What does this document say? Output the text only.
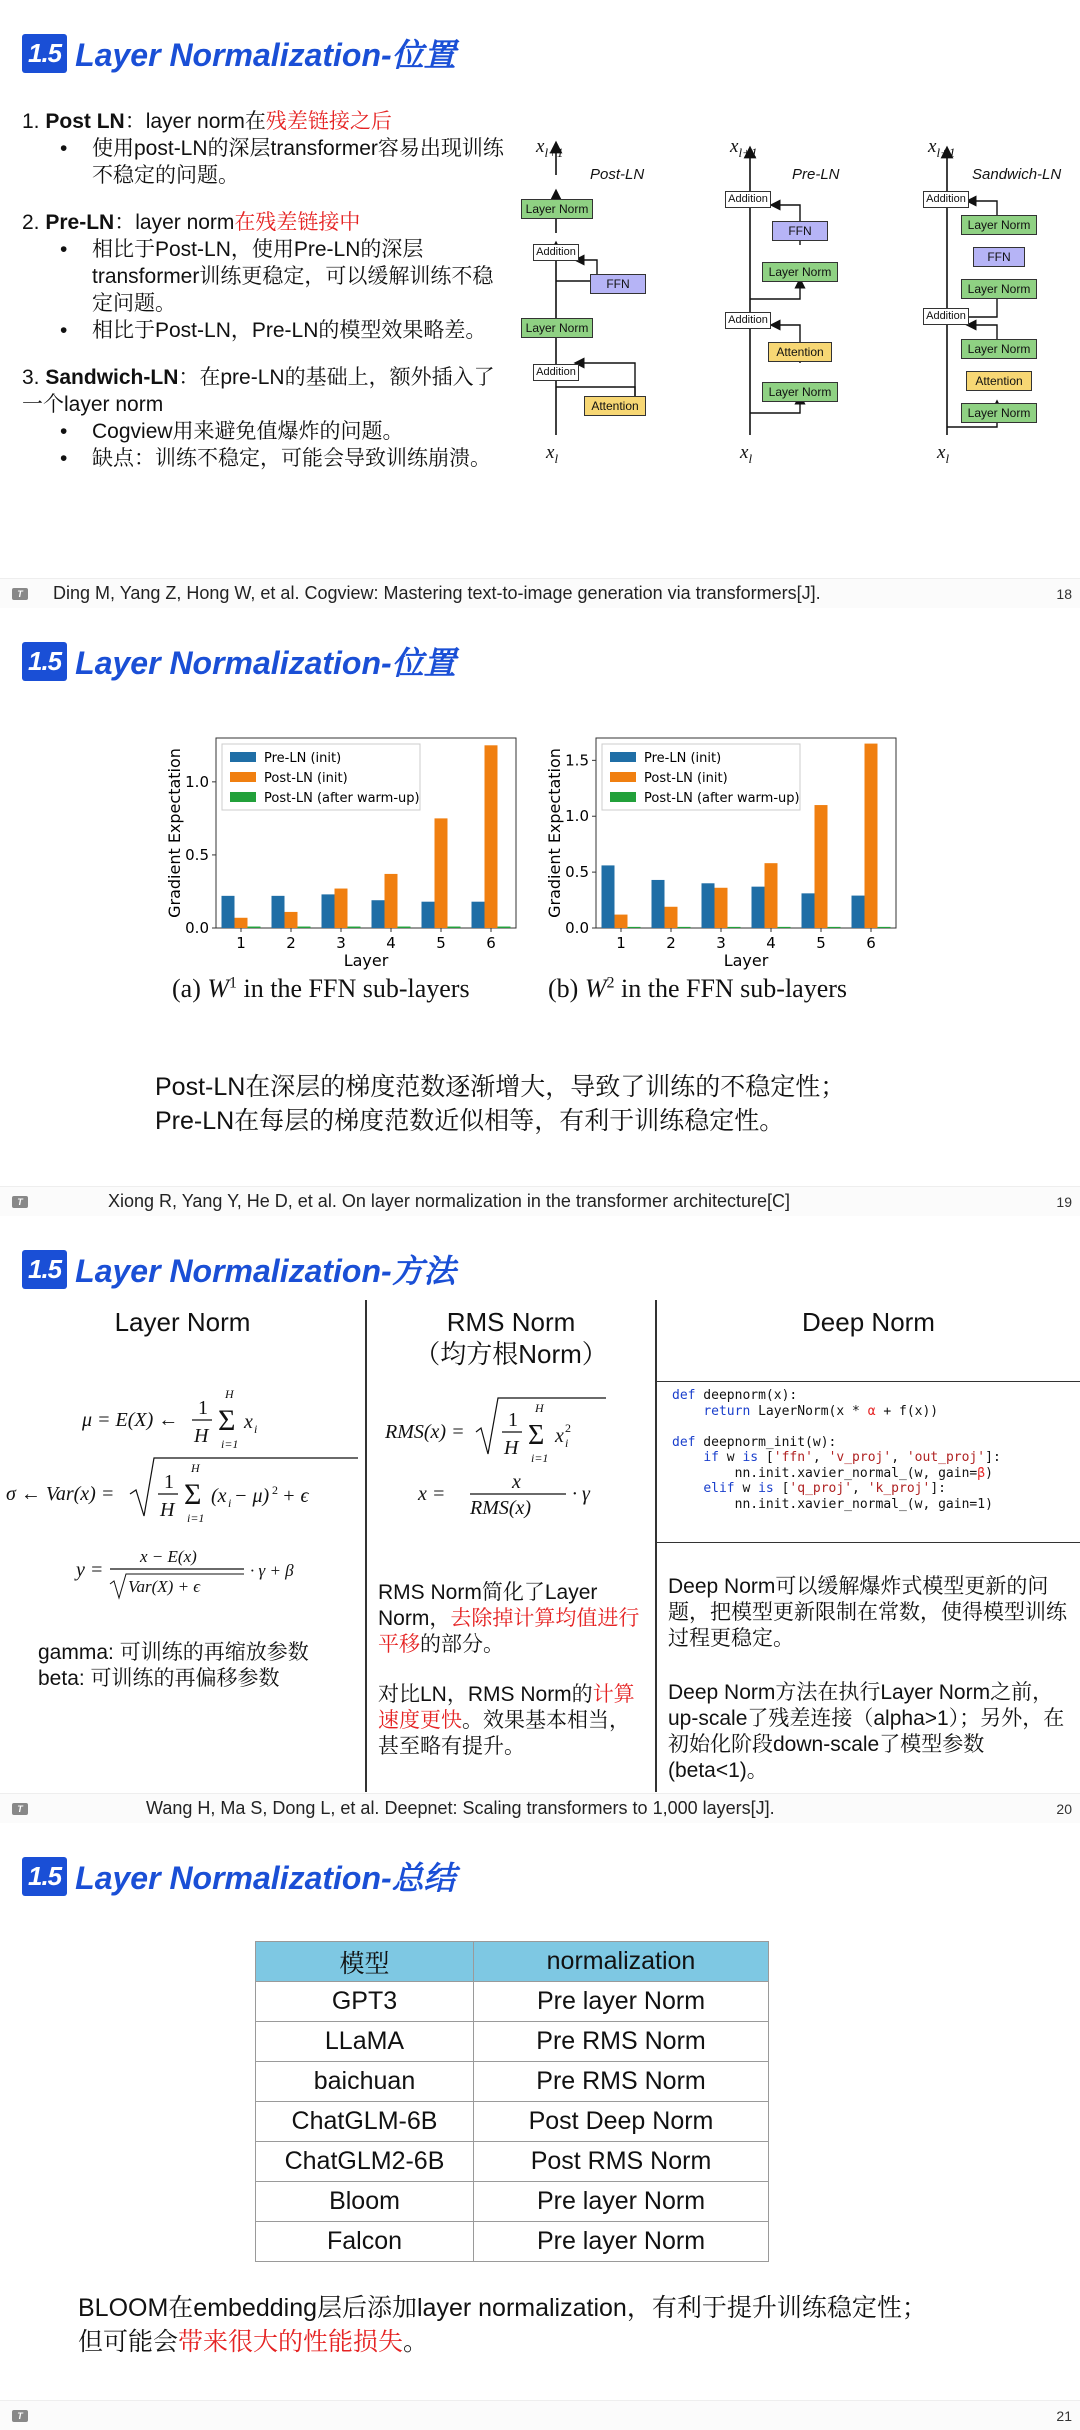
1.5 Layer Normalization-位置
1. Post LN：layer norm在残差链接之后
• 使用post-LN的深层transformer容易出现训练不稳定的问题。
2. Pre-LN：layer norm在残差链接中
• 相比于Post-LN，使用Pre-LN的深层transformer训练更稳定，可以缓解训练不稳定问题。
• 相比于Post-LN，Pre-LN的模型效果略差。
3. Sandwich-LN：在pre-LN的基础上，额外插入了一个layer norm
• Cogview用来避免值爆炸的问题。
• 缺点：训练不稳定，可能会导致训练崩溃。
$x_{l+1}$	$x_{l+1}$	$x_{l+1}$
$x_l$	$x_l$	$x_l$
Post-LN	Pre-LN	Sandwich-LN
Layer Norm
Addition
FFN
Layer Norm
Addition
Attention
Addition
FFN
Layer Norm
Addition
Attention
Layer Norm
Addition
Layer Norm
FFN
Layer Norm
Addition
Layer Norm
Attention
Layer Norm
T Ding M, Yang Z, Hong W, et al. Cogview: Mastering text-to-image generation via transformers[J].	18
1.5 Layer Normalization-位置
0.0
0.5
1.0
Gradient Expectation
1	2	3	4	5	6
Layer
Pre-LN (init)
Post-LN (init)
Post-LN (after warm-up)
0.0
0.5
1.0
1.5
Gradient Expectation
1	2	3	4	5	6
Layer
Pre-LN (init)
Post-LN (init)
Post-LN (after warm-up)
(a) $W^1$ in the FFN sub-layers	(b) $W^2$ in the FFN sub-layers
Post-LN在深层的梯度范数逐渐增大，导致了训练的不稳定性；
Pre-LN在每层的梯度范数近似相等，有利于训练稳定性。
T	Xiong R, Yang Y, He D, et al. On layer normalization in the transformer architecture[C]	19
1.5 Layer Normalization-方法
Layer Norm	RMS Norm
（均方根Norm）
Deep Norm
μ = E(X) ←
1
H Σ
H
i=1
x i
σ ← Var(x) =
1
H Σ
H
i=1
(x i − μ) 2 + ϵ
y =
x − E(x)
Var(X) + ϵ
· γ + β
gamma: 可训练的再缩放参数
beta: 可训练的再偏移参数
RMS(x) =
1
H Σ
H
i=1
x 2
i
x =
x
RMS(x)
· γ
RMS Norm简化了Layer Norm，去除掉计算均值进行平移的部分。
对比LN，RMS Norm的计算速度更快。效果基本相当，甚至略有提升。
def deepnorm(x):
return LayerNorm(x * α + f(x))
def deepnorm_init(w):
if w is ['ffn', 'v_proj', 'out_proj']:
nn.init.xavier_normal_(w, gain=β)
elif w is ['q_proj', 'k_proj']:
nn.init.xavier_normal_(w, gain=1)
Deep Norm可以缓解爆炸式模型更新的问题，把模型更新限制在常数，使得模型训练过程更稳定。
Deep Norm方法在执行Layer Norm之前，up-scale了残差连接（alpha>1）；另外，在初始化阶段down-scale了模型参数(beta<1)。
T	Wang H, Ma S, Dong L, et al. Deepnet: Scaling transformers to 1,000 layers[J].	20
1.5 Layer Normalization-总结
模型	normalization
GPT3	Pre layer Norm
LLaMA	Pre RMS Norm
baichuan	Pre RMS Norm
ChatGLM-6B	Post Deep Norm
ChatGLM2-6B	Post RMS Norm
Bloom	Pre layer Norm
Falcon	Pre layer Norm
BLOOM在embedding层后添加layer normalization，有利于提升训练稳定性；
但可能会带来很大的性能损失。
T	21
